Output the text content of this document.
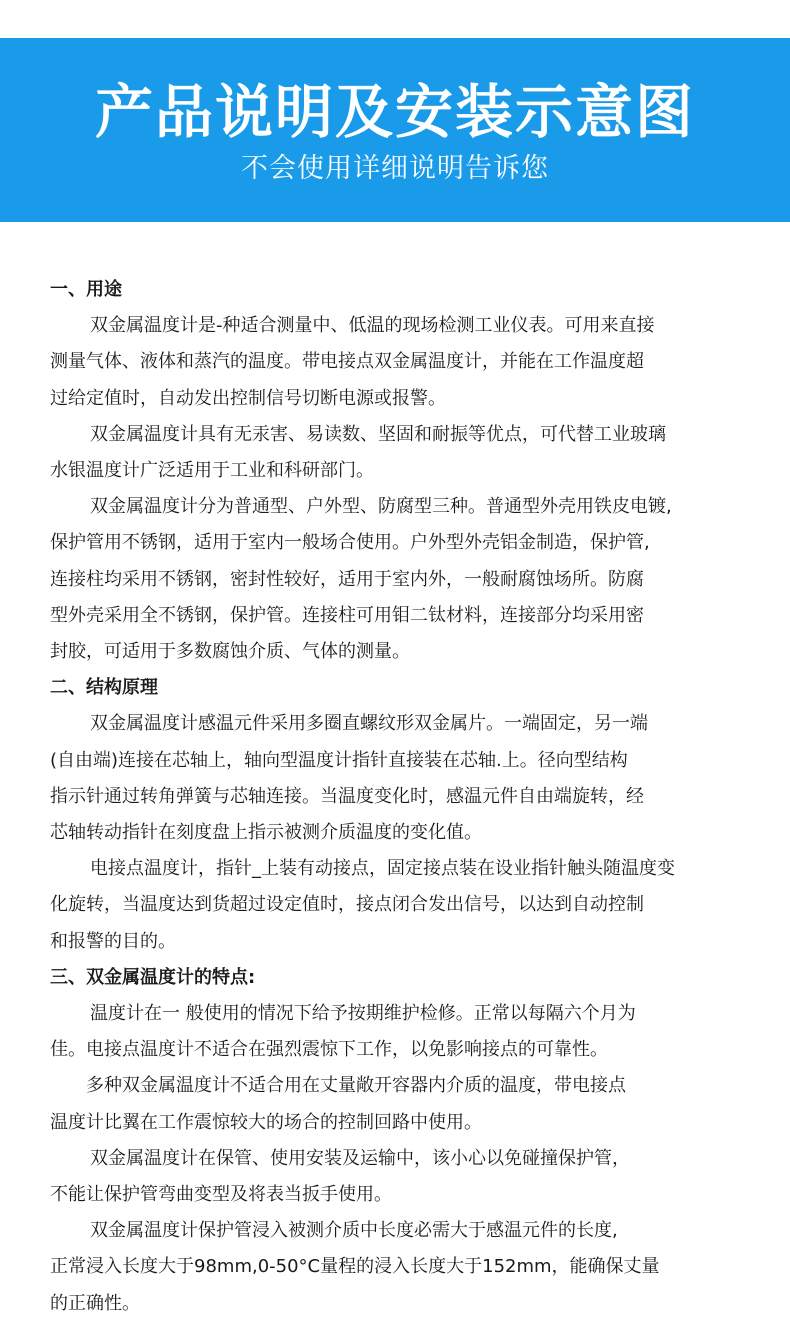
产品说明及安装示意图
不会使用详细说明告诉您
一、用途
双金属温度计是-种适合测量中、低温的现场检测工业仪表。可用来直接
测量气体、液体和蒸汽的温度。带电接点双金属温度计，并能在工作温度超
过给定值时，自动发出控制信号切断电源或报警。
双金属温度计具有无汞害、易读数、坚固和耐振等优点，可代替工业玻璃
水银温度计广泛适用于工业和科研部门。
双金属温度计分为普通型、户外型、防腐型三种。普通型外壳用铁皮电镀,
保护管用不锈钢，适用于室内一般场合使用。户外型外壳铝金制造，保护管,
连接柱均采用不锈钢，密封性较好，适用于室内外，一般耐腐蚀场所。防腐
型外壳采用全不锈钢，保护管。连接柱可用钼二钛材料，连接部分均采用密
封胶，可适用于多数腐蚀介质、气体的测量。
二、结构原理
双金属温度计感温元件采用多圈直螺纹形双金属片。一端固定，另一端
(自由端)连接在芯轴上，轴向型温度计指针直接装在芯轴.上。径向型结构
指示针通过转角弹簧与芯轴连接。当温度变化时，感温元件自由端旋转，经
芯轴转动指针在刻度盘上指示被测介质温度的变化值。
电接点温度计，指针_上装有动接点，固定接点装在设业指针触头随温度变
化旋转，当温度达到货超过设定值时，接点闭合发出信号，以达到自动控制
和报警的目的。
三、双金属温度计的特点:
温度计在一 般使用的情况下给予按期维护检修。正常以每隔六个月为
佳。电接点温度计不适合在强烈震惊下工作，以免影响接点的可靠性。
多种双金属温度计不适合用在丈量敞开容器内介质的温度，带电接点
温度计比翼在工作震惊较大的场合的控制回路中使用。
双金属温度计在保管、使用安装及运输中，该小心以免碰撞保护管，
不能让保护管弯曲变型及将表当扳手使用。
双金属温度计保护管浸入被测介质中长度必需大于感温元件的长度,
正常浸入长度大于98mm,0-50°C量程的浸入长度大于152mm，能确保丈量
的正确性。
